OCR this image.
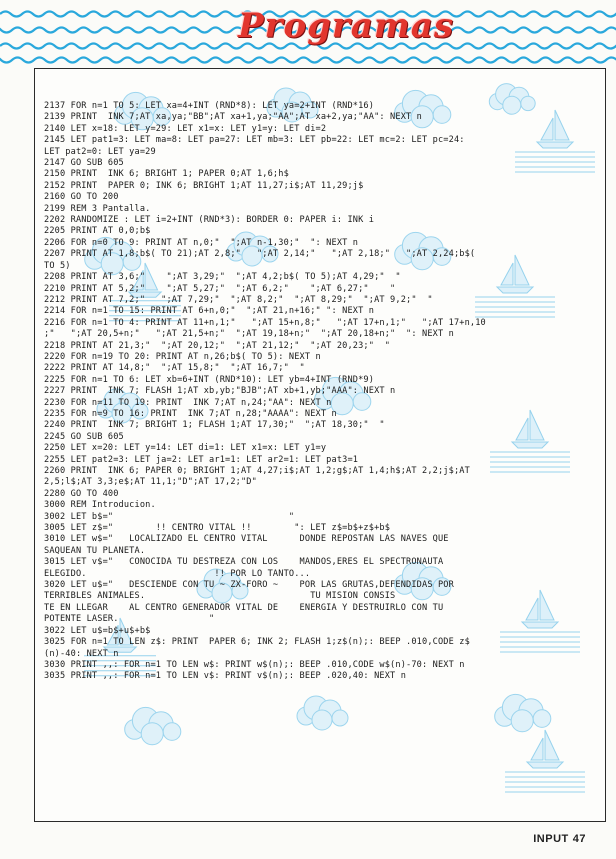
Programas
2137 FOR n=1 TO 5: LET xa=4+INT (RND*8): LET ya=2+INT (RND*16)
2139 PRINT  INK 7;AT xa,ya;"BB";AT xa+1,ya;"AA";AT xa+2,ya;"AA": NEXT n
2140 LET x=18: LET y=29: LET x1=x: LET y1=y: LET di=2
2145 LET pat1=3: LET ma=8: LET pa=27: LET mb=3: LET pb=22: LET mc=2: LET pc=24:
LET pat2=0: LET ya=29
2147 GO SUB 605
2150 PRINT  INK 6; BRIGHT 1; PAPER 0;AT 1,6;h$
2152 PRINT  PAPER 0; INK 6; BRIGHT 1;AT 11,27;i$;AT 11,29;j$
2160 GO TO 200
2199 REM 3 Pantalla.
2202 RANDOMIZE : LET i=2+INT (RND*3): BORDER 0: PAPER i: INK i
2205 PRINT AT 0,0;b$
2206 FOR n=0 TO 9: PRINT AT n,0;"  ";AT n-1,30;"  ": NEXT n
2207 PRINT AT 1,8;b$( TO 21);AT 2,8;"   ";AT 2,14;"   ";AT 2,18;"   ";AT 2,24;b$(
TO 5)
2208 PRINT AT 3,6;"    ";AT 3,29;"  ";AT 4,2;b$( TO 5);AT 4,29;"  "
2210 PRINT AT 5,2;"    ";AT 5,27;"  ";AT 6,2;"    ";AT 6,27;"    "
2212 PRINT AT 7,2;"   ";AT 7,29;"  ";AT 8,2;"  ";AT 8,29;"  ";AT 9,2;"  "
2214 FOR n=1 TO 15: PRINT AT 6+n,0;"  ";AT 21,n+16;" ": NEXT n
2216 FOR n=1 TO 4: PRINT AT 11+n,1;"   ";AT 15+n,8;"   ";AT 17+n,1;"   ";AT 17+n,10
;"   ";AT 20,5+n;"   ";AT 21,5+n;"  ";AT 19,18+n;"  ";AT 20,18+n;"  ": NEXT n
2218 PRINT AT 21,3;"  ";AT 20,12;"  ";AT 21,12;"  ";AT 20,23;"  "
2220 FOR n=19 TO 20: PRINT AT n,26;b$( TO 5): NEXT n
2222 PRINT AT 14,8;"  ";AT 15,8;"  ";AT 16,7;"  "
2225 FOR n=1 TO 6: LET xb=6+INT (RND*10): LET yb=4+INT (RND*9)
2227 PRINT  INK 7; FLASH 1;AT xb,yb;"BJB";AT xb+1,yb;"AAA": NEXT n
2230 FOR n=11 TO 19: PRINT  INK 7;AT n,24;"AA": NEXT n
2235 FOR n=9 TO 16: PRINT  INK 7;AT n,28;"AAAA": NEXT n
2240 PRINT  INK 7; BRIGHT 1; FLASH 1;AT 17,30;"  ";AT 18,30;"  "
2245 GO SUB 605
2250 LET x=20: LET y=14: LET di=1: LET x1=x: LET y1=y
2255 LET pat2=3: LET ja=2: LET ar1=1: LET ar2=1: LET pat3=1
2260 PRINT  INK 6; PAPER 0; BRIGHT 1;AT 4,27;i$;AT 1,2;g$;AT 1,4;h$;AT 2,2;j$;AT
2,5;l$;AT 3,3;e$;AT 11,1;"D";AT 17,2;"D"
2280 GO TO 400
3000 REM Introducion.
3002 LET b$="                                 "
3005 LET z$="        !! CENTRO VITAL !!        ": LET z$=b$+z$+b$
3010 LET w$="   LOCALIZADO EL CENTRO VITAL      DONDE REPOSTAN LAS NAVES QUE
SAQUEAN TU PLANETA.
3015 LET v$="   CONOCIDA TU DESTREZA CON LOS    MANDOS,ERES EL SPECTRONAUTA
ELEGIDO.                        !! POR LO TANTO...
3020 LET u$="   DESCIENDE CON TU ~ ZX-FORO ~    POR LAS GRUTAS,DEFENDIDAS POR
TERRIBLES ANIMALES.                               TU MISION CONSIS
TE EN LLEGAR    AL CENTRO GENERADOR VITAL DE    ENERGIA Y DESTRUIRLO CON TU
POTENTE LASER.                 "
3022 LET u$=b$+u$+b$
3025 FOR n=1 TO LEN z$: PRINT  PAPER 6; INK 2; FLASH 1;z$(n);: BEEP .010,CODE z$
(n)-40: NEXT n
3030 PRINT ,,: FOR n=1 TO LEN w$: PRINT w$(n);: BEEP .010,CODE w$(n)-70: NEXT n
3035 PRINT ,,: FOR n=1 TO LEN v$: PRINT v$(n);: BEEP .020,40: NEXT n
INPUT 47
